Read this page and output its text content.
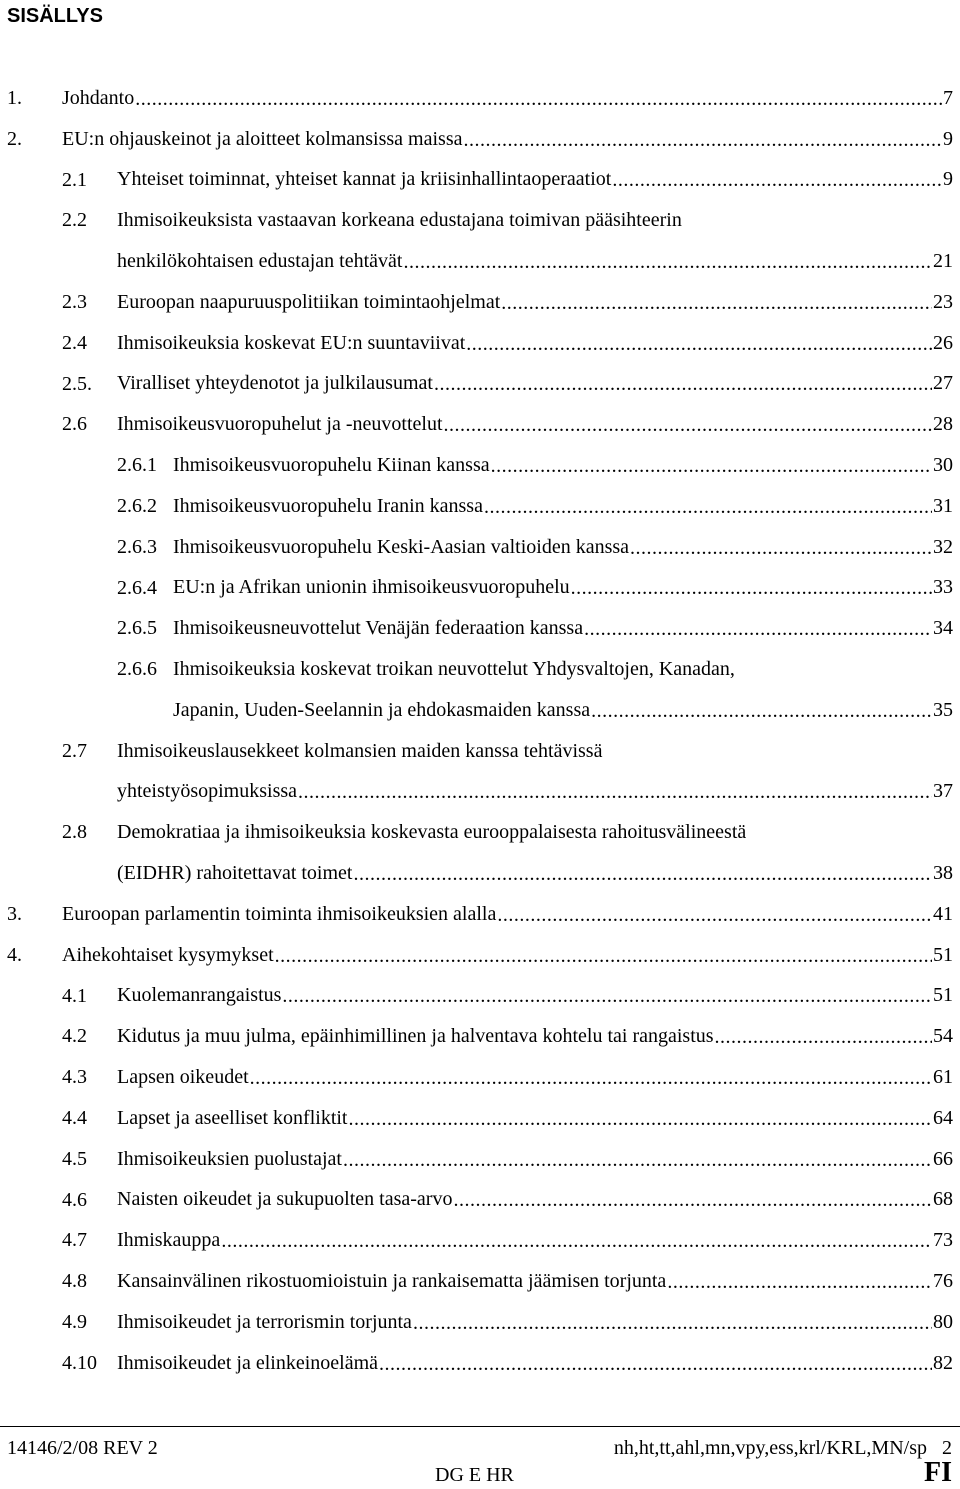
SISÄLLYS
1. Johdanto .....	7
2. EU:n ohjauskeinot ja aloitteet kolmansissa maissa .....	9
2.1 Yhteiset toiminnat, yhteiset kannat ja kriisinhallintaoperaatiot .....	9
2.2 Ihmisoikeuksista vastaavan korkeana edustajana toimivan pääsihteerin
henkilökohtaisen edustajan tehtävät .....	21
2.3 Euroopan naapuruuspolitiikan toimintaohjelmat .....	23
2.4 Ihmisoikeuksia koskevat EU:n suuntaviivat .....	26
2.5. Viralliset yhteydenotot ja julkilausumat .....	27
2.6 Ihmisoikeusvuoropuhelut ja -neuvottelut .....	28
2.6.1 Ihmisoikeusvuoropuhelu Kiinan kanssa .....	30
2.6.2 Ihmisoikeusvuoropuhelu Iranin kanssa .....	31
2.6.3 Ihmisoikeusvuoropuhelu Keski-Aasian valtioiden kanssa .....	32
2.6.4 EU:n ja Afrikan unionin ihmisoikeusvuoropuhelu .....	33
2.6.5 Ihmisoikeusneuvottelut Venäjän federaation kanssa .....	34
2.6.6 Ihmisoikeuksia koskevat troikan neuvottelut Yhdysvaltojen, Kanadan,
Japanin, Uuden-Seelannin ja ehdokasmaiden kanssa .....	35
2.7 Ihmisoikeuslausekkeet kolmansien maiden kanssa tehtävissä
yhteistyösopimuksissa .....	37
2.8 Demokratiaa ja ihmisoikeuksia koskevasta eurooppalaisesta rahoitusvälineestä
(EIDHR) rahoitettavat toimet .....	38
3. Euroopan parlamentin toiminta ihmisoikeuksien alalla .....	41
4. Aihekohtaiset kysymykset .....	51
4.1 Kuolemanrangaistus .....	51
4.2 Kidutus ja muu julma, epäinhimillinen ja halventava kohtelu tai rangaistus .....	54
4.3 Lapsen oikeudet .....	61
4.4 Lapset ja aseelliset konfliktit .....	64
4.5 Ihmisoikeuksien puolustajat .....	66
4.6 Naisten oikeudet ja sukupuolten tasa-arvo .....	68
4.7 Ihmiskauppa .....	73
4.8 Kansainvälinen rikostuomioistuin ja rankaisematta jäämisen torjunta .....	76
4.9 Ihmisoikeudet ja terrorismin torjunta .....	80
4.10 Ihmisoikeudet ja elinkeinoelämä .....	82
14146/2/08 REV 2	nh,ht,tt,ahl,mn,vpy,ess,krl/KRL,MN/sp 2
DG E HR	FI
